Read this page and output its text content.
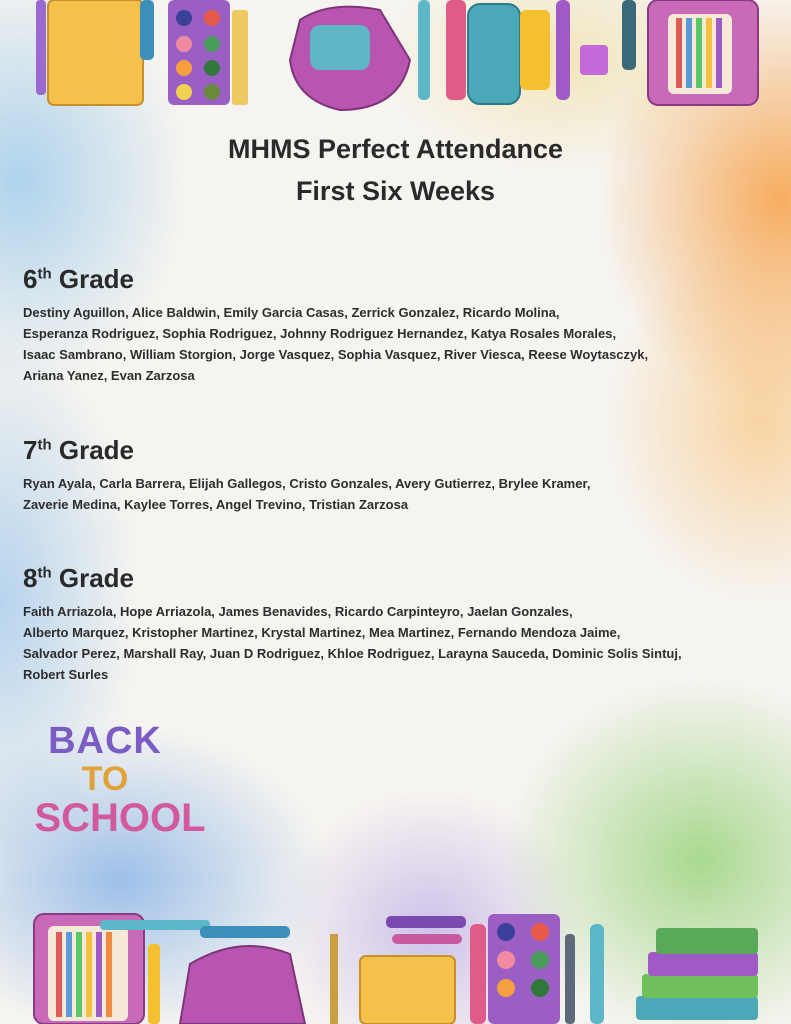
MHMS Perfect Attendance
First Six Weeks
6th Grade

Destiny Aguillon, Alice Baldwin, Emily Garcia Casas, Zerrick Gonzalez, Ricardo Molina,
Esperanza Rodriguez, Sophia Rodriguez, Johnny Rodriguez Hernandez, Katya Rosales Morales,
Isaac Sambrano, William Storgion, Jorge Vasquez, Sophia Vasquez, River Viesca, Reese Woytasczyk,
Ariana Yanez, Evan Zarzosa

7th Grade

Ryan Ayala, Carla Barrera, Elijah Gallegos, Cristo Gonzales, Avery Gutierrez, Brylee Kramer,
Zaverie Medina, Kaylee Torres, Angel Trevino, Tristian Zarzosa

8th Grade

Faith Arriazola, Hope Arriazola, James Benavides, Ricardo Carpinteyro, Jaelan Gonzales,
Alberto Marquez, Kristopher Martinez, Krystal Martinez, Mea Martinez, Fernando Mendoza Jaime,
Salvador Perez, Marshall Ray, Juan D Rodriguez, Khloe Rodriguez, Larayna Sauceda, Dominic Solis Sintuj,
Robert Surles

BACK
TO
SCHOOL
